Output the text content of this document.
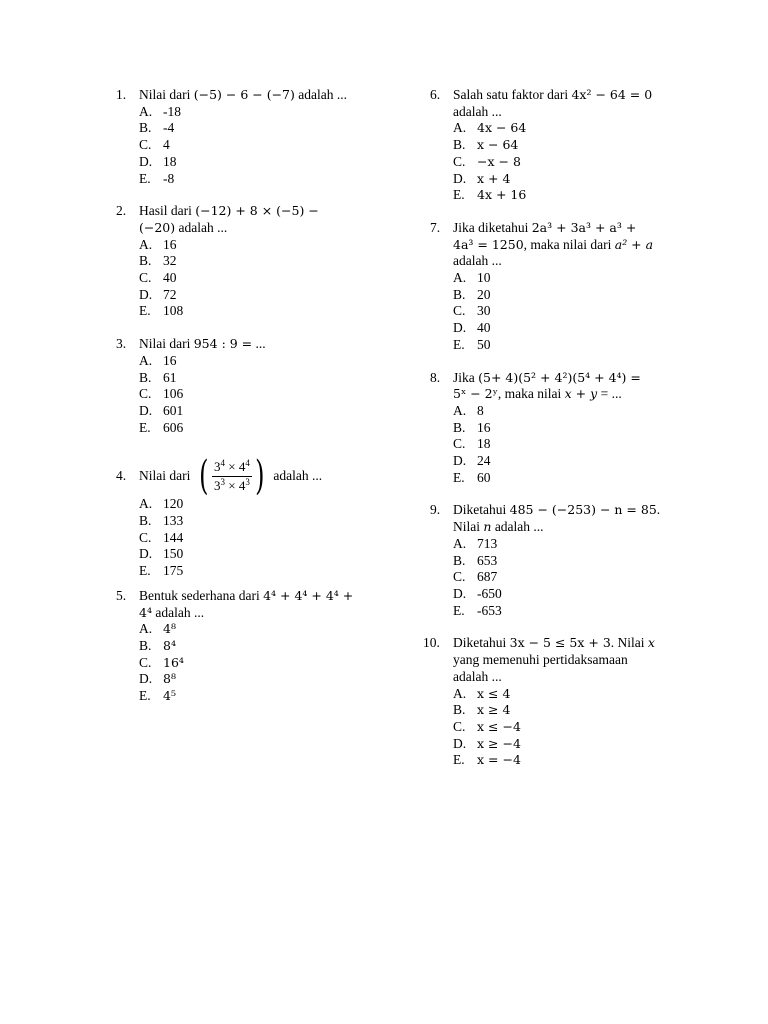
1. Nilai dari (−5) − 6 − (−7) adalah ...
A. -18
B. -4
C. 4
D. 18
E. -8
2. Hasil dari (−12) + 8 × (−5) −
(−20) adalah ...
A. 16
B. 32
C. 40
D. 72
E. 108
3. Nilai dari 954 : 9 = ...
A. 16
B. 61
C. 106
D. 601
E. 606
4. Nilai dari ( $\frac{3^4 \times 4^4}{3^3 \times 4^3}$ ) adalah ...
A. 120
B. 133
C. 144
D. 150
E. 175
5. Bentuk sederhana dari 4⁴ + 4⁴ + 4⁴ +
4⁴ adalah ...
A. 4⁸
B. 8⁴
C. 16⁴
D. 8⁸
E. 4⁵
6. Salah satu faktor dari 4x² − 64 = 0
adalah ...
A. 4x − 64
B. x − 64
C. −x − 8
D. x + 4
E. 4x + 16
7. Jika diketahui 2a³ + 3a³ + a³ +
4a³ = 1250, maka nilai dari a² + a
adalah ...
A. 10
B. 20
C. 30
D. 40
E. 50
8. Jika (5+ 4)(5² + 4²)(5⁴ + 4⁴) =
5ˣ − 2ʸ, maka nilai x + y = ...
A. 8
B. 16
C. 18
D. 24
E. 60
9. Diketahui 485 − (−253) − n = 85.
Nilai n adalah ...
A. 713
B. 653
C. 687
D. -650
E. -653
10. Diketahui 3x − 5 ≤ 5x + 3. Nilai x
yang memenuhi pertidaksamaan
adalah ...
A. x ≤ 4
B. x ≥ 4
C. x ≤ −4
D. x ≥ −4
E. x = −4
